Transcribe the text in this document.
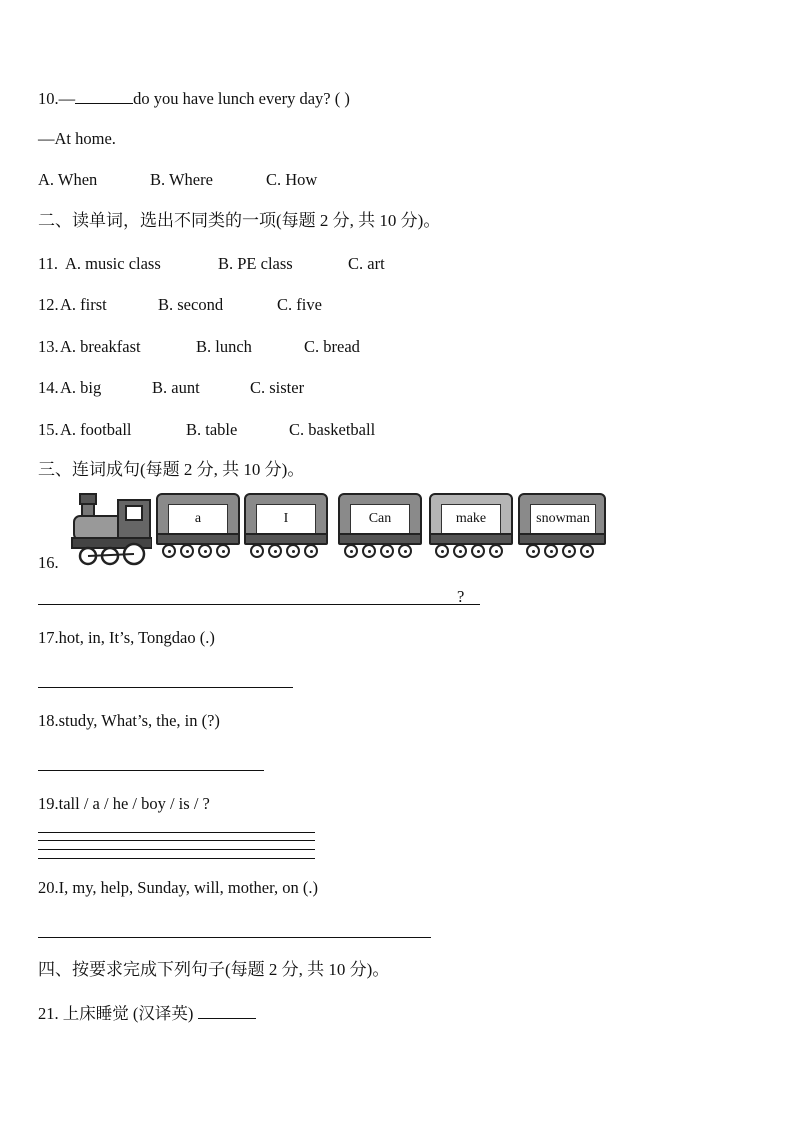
10.—	do you have lunch every day? ( )
—At home.
A. When	B. Where	C. How
二、读单词，选出不同类的一项(每题 2 分, 共 10 分)。
11. A. music class	B. PE class	C. art
12. A. first	B. second	C. five
13. A. breakfast	B. lunch	C. bread
14. A. big	B. aunt	C. sister
15. A. football	B. table	C. basketball
三、连词成句(每题 2 分, 共 10 分)。
a	I	Can	make	snowman
16.
?
17.hot, in, It’s, Tongdao (.)
18.study, What’s, the, in (?)
19.tall / a / he / boy / is / ?
20.I, my, help, Sunday, will, mother, on (.)
四、按要求完成下列句子(每题 2 分, 共 10 分)。
21. 上床睡觉 (汉译英)
